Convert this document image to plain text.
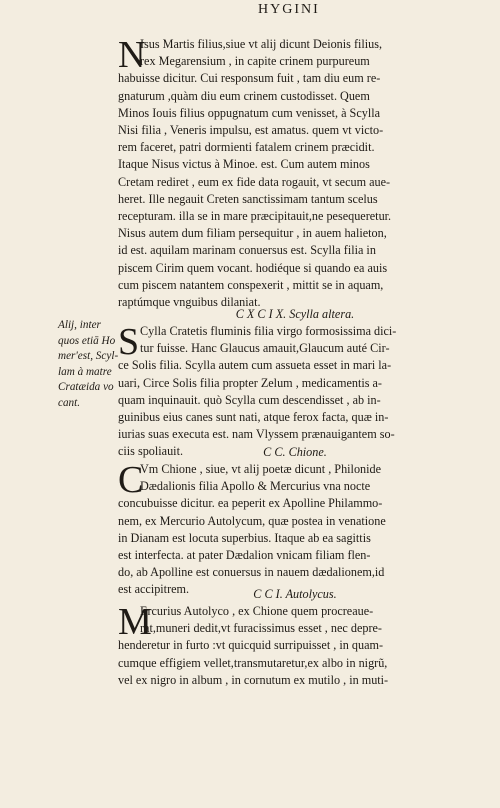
HYGINI
Alij, inter
quos etiā Ho
mer'est, Scyl-
lam à matre
Cratæida vo
cant.
N
Isus Martis filius,siue vt alij dicunt Deionis filius,
rex Megarensium , in capite crinem purpureum
habuisse dicitur. Cui responsum fuit , tam diu eum re-
gnaturum ,quàm diu eum crinem custodisset. Quem
Minos Iouis filius oppugnatum cum venisset, à Scylla
Nisi filia , Veneris impulsu, est amatus. quem vt victo-
rem faceret, patri dormienti fatalem crinem præcidit.
Itaque Nisus victus à Minoe. est. Cum autem minos
Cretam rediret , eum ex fide data rogauit, vt secum aue-
heret. Ille negauit Creten sanctissimam tantum scelus
recepturam. illa se in mare præcipitauit,ne pesequeretur.
Nisus autem dum filiam persequitur , in auem halieton,
id est. aquilam marinam conuersus est. Scylla filia in
piscem Cirim quem vocant. hodiéque si quando ea auis
cum piscem natantem conspexerit , mittit se in aquam,
raptúmque vnguibus dilaniat.
C X C I X. Scylla altera.
S Cylla Cratetis fluminis filia virgo formosissima dici-
tur fuisse. Hanc Glaucus amauit,Glaucum auté Cir-
ce Solis filia. Scylla autem cum assueta esset in mari la-
uari, Circe Solis filia propter Zelum , medicamentis a-
quam inquinauit. quò Scylla cum descendisset , ab in-
guinibus eius canes sunt nati, atque ferox facta, quæ in-
iurias suas executa est. nam Vlyssem prænauigantem so-
ciis spoliauit.	C C. Chione.
C
Vm Chione , siue, vt alij poetæ dicunt , Philonide
Dædalionis filia Apollo & Mercurius vna nocte
concubuisse dicitur. ea peperit ex Apolline Philammo-
nem, ex Mercurio Autolycum, quæ postea in venatione
in Dianam est locuta superbius. Itaque ab ea sagittis
est interfecta. at pater Dædalion vnicam filiam flen-
do, ab Apolline est conuersus in nauem dædalionem,id
est accipitrem.	C C I. Autolycus.
M
Ercurius Autolyco , ex Chione quem procreaue-
rat,muneri dedit,vt furacissimus esset , nec depre-
henderetur in furto :vt quicquid surripuisset , in quam-
cumque effigiem vellet,transmutaretur,ex albo in nigrũ,
vel ex nigro in album , in cornutum ex mutilo , in muti-
